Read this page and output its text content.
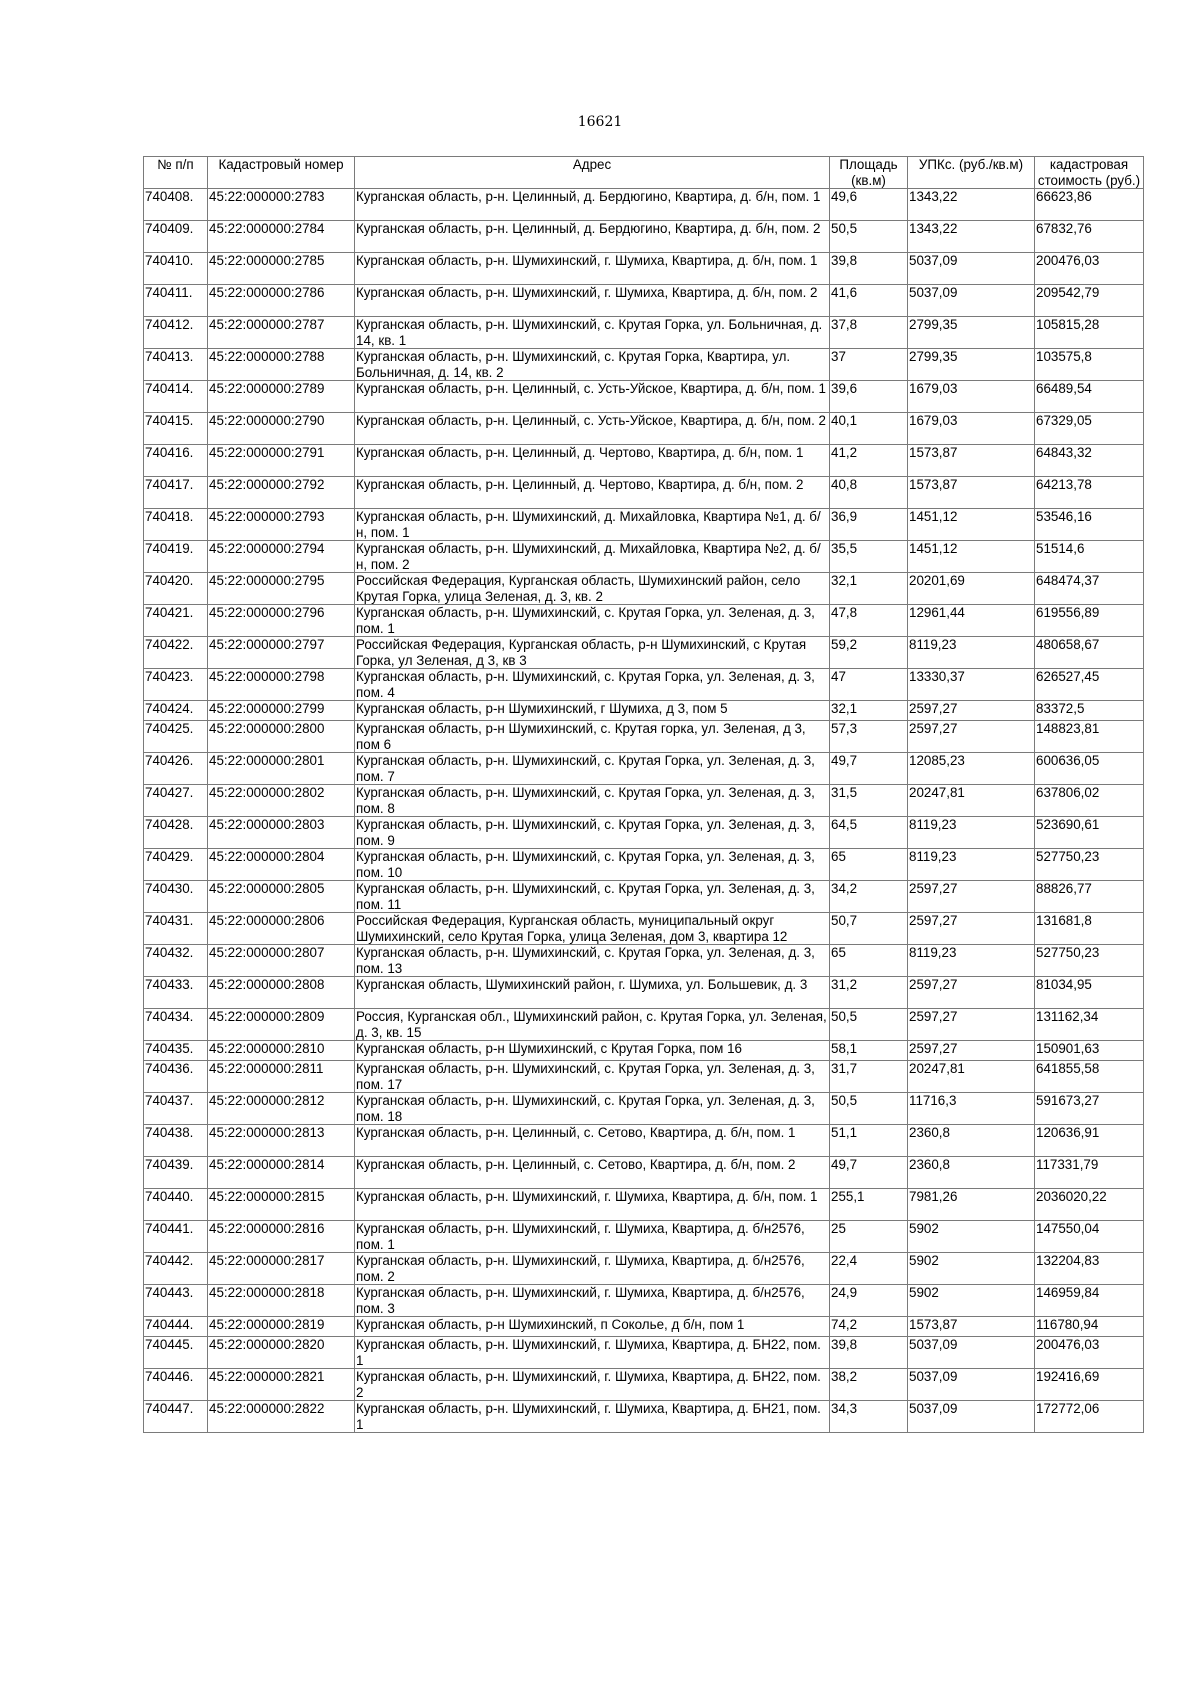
16621
№ п/п	Кадастровый номер	Адрес	Площадь (кв.м)	УПКс. (руб./кв.м)	кадастровая стоимость (руб.)
740408.	45:22:000000:2783	Курганская область, р-н. Целинный, д. Бердюгино, Квартира, д. б/н, пом. 1	49,6	1343,22	66623,86
740409.	45:22:000000:2784	Курганская область, р-н. Целинный, д. Бердюгино, Квартира, д. б/н, пом. 2	50,5	1343,22	67832,76
740410.	45:22:000000:2785	Курганская область, р-н. Шумихинский, г. Шумиха, Квартира, д. б/н, пом. 1	39,8	5037,09	200476,03
740411.	45:22:000000:2786	Курганская область, р-н. Шумихинский, г. Шумиха, Квартира, д. б/н, пом. 2	41,6	5037,09	209542,79
740412.	45:22:000000:2787	Курганская область, р-н. Шумихинский, с. Крутая Горка, ул. Больничная, д. 14, кв. 1	37,8	2799,35	105815,28
740413.	45:22:000000:2788	Курганская область, р-н. Шумихинский, с. Крутая Горка, Квартира, ул. Больничная, д. 14, кв. 2	37	2799,35	103575,8
740414.	45:22:000000:2789	Курганская область, р-н. Целинный, с. Усть-Уйское, Квартира, д. б/н, пом. 1	39,6	1679,03	66489,54
740415.	45:22:000000:2790	Курганская область, р-н. Целинный, с. Усть-Уйское, Квартира, д. б/н, пом. 2	40,1	1679,03	67329,05
740416.	45:22:000000:2791	Курганская область, р-н. Целинный, д. Чертово, Квартира, д. б/н, пом. 1	41,2	1573,87	64843,32
740417.	45:22:000000:2792	Курганская область, р-н. Целинный, д. Чертово, Квартира, д. б/н, пом. 2	40,8	1573,87	64213,78
740418.	45:22:000000:2793	Курганская область, р-н. Шумихинский, д. Михайловка, Квартира №1, д. б/н, пом. 1	36,9	1451,12	53546,16
740419.	45:22:000000:2794	Курганская область, р-н. Шумихинский, д. Михайловка, Квартира №2, д. б/н, пом. 2	35,5	1451,12	51514,6
740420.	45:22:000000:2795	Российская Федерация, Курганская область, Шумихинский район, село Крутая Горка, улица Зеленая, д. 3, кв. 2	32,1	20201,69	648474,37
740421.	45:22:000000:2796	Курганская область, р-н. Шумихинский, с. Крутая Горка, ул. Зеленая, д. 3, пом. 1	47,8	12961,44	619556,89
740422.	45:22:000000:2797	Российская Федерация, Курганская область, р-н Шумихинский, с Крутая Горка, ул Зеленая, д 3, кв 3	59,2	8119,23	480658,67
740423.	45:22:000000:2798	Курганская область, р-н. Шумихинский, с. Крутая Горка, ул. Зеленая, д. 3, пом. 4	47	13330,37	626527,45
740424.	45:22:000000:2799	Курганская область, р-н Шумихинский, г Шумиха, д 3, пом 5	32,1	2597,27	83372,5
740425.	45:22:000000:2800	Курганская область, р-н Шумихинский, с. Крутая горка, ул. Зеленая, д 3, пом 6	57,3	2597,27	148823,81
740426.	45:22:000000:2801	Курганская область, р-н. Шумихинский, с. Крутая Горка, ул. Зеленая, д. 3, пом. 7	49,7	12085,23	600636,05
740427.	45:22:000000:2802	Курганская область, р-н. Шумихинский, с. Крутая Горка, ул. Зеленая, д. 3, пом. 8	31,5	20247,81	637806,02
740428.	45:22:000000:2803	Курганская область, р-н. Шумихинский, с. Крутая Горка, ул. Зеленая, д. 3, пом. 9	64,5	8119,23	523690,61
740429.	45:22:000000:2804	Курганская область, р-н. Шумихинский, с. Крутая Горка, ул. Зеленая, д. 3, пом. 10	65	8119,23	527750,23
740430.	45:22:000000:2805	Курганская область, р-н. Шумихинский, с. Крутая Горка, ул. Зеленая, д. 3, пом. 11	34,2	2597,27	88826,77
740431.	45:22:000000:2806	Российская Федерация, Курганская область, муниципальный округ Шумихинский, село Крутая Горка, улица Зеленая, дом 3, квартира 12	50,7	2597,27	131681,8
740432.	45:22:000000:2807	Курганская область, р-н. Шумихинский, с. Крутая Горка, ул. Зеленая, д. 3, пом. 13	65	8119,23	527750,23
740433.	45:22:000000:2808	Курганская область, Шумихинский район, г. Шумиха, ул. Большевик, д. 3	31,2	2597,27	81034,95
740434.	45:22:000000:2809	Россия, Курганская обл., Шумихинский район, с. Крутая Горка, ул. Зеленая, д. 3, кв. 15	50,5	2597,27	131162,34
740435.	45:22:000000:2810	Курганская область, р-н Шумихинский, с Крутая Горка, пом 16	58,1	2597,27	150901,63
740436.	45:22:000000:2811	Курганская область, р-н. Шумихинский, с. Крутая Горка, ул. Зеленая, д. 3, пом. 17	31,7	20247,81	641855,58
740437.	45:22:000000:2812	Курганская область, р-н. Шумихинский, с. Крутая Горка, ул. Зеленая, д. 3, пом. 18	50,5	11716,3	591673,27
740438.	45:22:000000:2813	Курганская область, р-н. Целинный, с. Сетово, Квартира, д. б/н, пом. 1	51,1	2360,8	120636,91
740439.	45:22:000000:2814	Курганская область, р-н. Целинный, с. Сетово, Квартира, д. б/н, пом. 2	49,7	2360,8	117331,79
740440.	45:22:000000:2815	Курганская область, р-н. Шумихинский, г. Шумиха, Квартира, д. б/н, пом. 1	255,1	7981,26	2036020,22
740441.	45:22:000000:2816	Курганская область, р-н. Шумихинский, г. Шумиха, Квартира, д. б/н2576, пом. 1	25	5902	147550,04
740442.	45:22:000000:2817	Курганская область, р-н. Шумихинский, г. Шумиха, Квартира, д. б/н2576, пом. 2	22,4	5902	132204,83
740443.	45:22:000000:2818	Курганская область, р-н. Шумихинский, г. Шумиха, Квартира, д. б/н2576, пом. 3	24,9	5902	146959,84
740444.	45:22:000000:2819	Курганская область, р-н Шумихинский, п Соколье, д б/н, пом 1	74,2	1573,87	116780,94
740445.	45:22:000000:2820	Курганская область, р-н. Шумихинский, г. Шумиха, Квартира, д. БН22, пом. 1	39,8	5037,09	200476,03
740446.	45:22:000000:2821	Курганская область, р-н. Шумихинский, г. Шумиха, Квартира, д. БН22, пом. 2	38,2	5037,09	192416,69
740447.	45:22:000000:2822	Курганская область, р-н. Шумихинский, г. Шумиха, Квартира, д. БН21, пом. 1	34,3	5037,09	172772,06
